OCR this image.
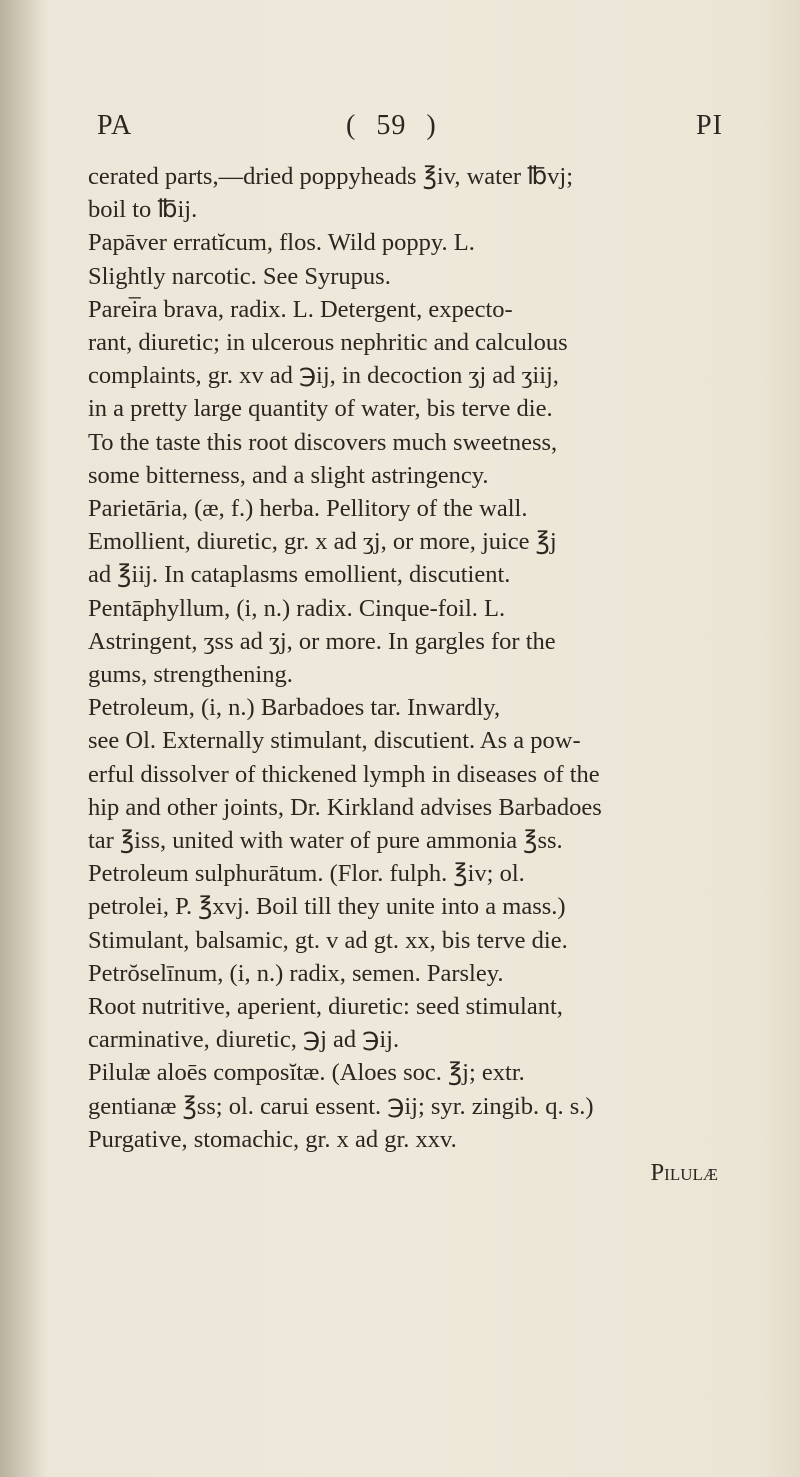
PA	( 59 )	PI
cerated parts,—dried poppyheads ℥iv, water ℔vj;
boil to ℔ij.
Papāver erratĭcum, flos. Wild poppy. L.
Slightly narcotic. See Syrupus.
Parei̅ra brava, radix. L. Detergent, expecto-
rant, diuretic; in ulcerous nephritic and calculous
complaints, gr. xv ad ℈ij, in decoction ʒj ad ʒiij,
in a pretty large quantity of water, bis terve die.
To the taste this root discovers much sweetness,
some bitterness, and a slight astringency.
Parietāria, (æ, f.) herba. Pellitory of the wall.
Emollient, diuretic, gr. x ad ʒj, or more, juice ℥j
ad ℥iij. In cataplasms emollient, discutient.
Pentāphyllum, (i, n.) radix. Cinque-foil. L.
Astringent, ʒss ad ʒj, or more. In gargles for the
gums, strengthening.
Petroleum, (i, n.) Barbadoes tar. Inwardly,
see Ol. Externally stimulant, discutient. As a pow-
erful dissolver of thickened lymph in diseases of the
hip and other joints, Dr. Kirkland advises Barbadoes
tar ℥iss, united with water of pure ammonia ℥ss.
Petroleum sulphurātum. (Flor. fulph. ℥iv; ol.
petrolei, P. ℥xvj. Boil till they unite into a mass.)
Stimulant, balsamic, gt. v ad gt. xx, bis terve die.
Petrŏselīnum, (i, n.) radix, semen. Parsley.
Root nutritive, aperient, diuretic: seed stimulant,
carminative, diuretic, ℈j ad ℈ij.
Pilulæ aloēs composĭtæ. (Aloes soc. ℥j; extr.
gentianæ ℥ss; ol. carui essent. ℈ij; syr. zingib. q. s.)
Purgative, stomachic, gr. x ad gr. xxv.
Pilulæ
